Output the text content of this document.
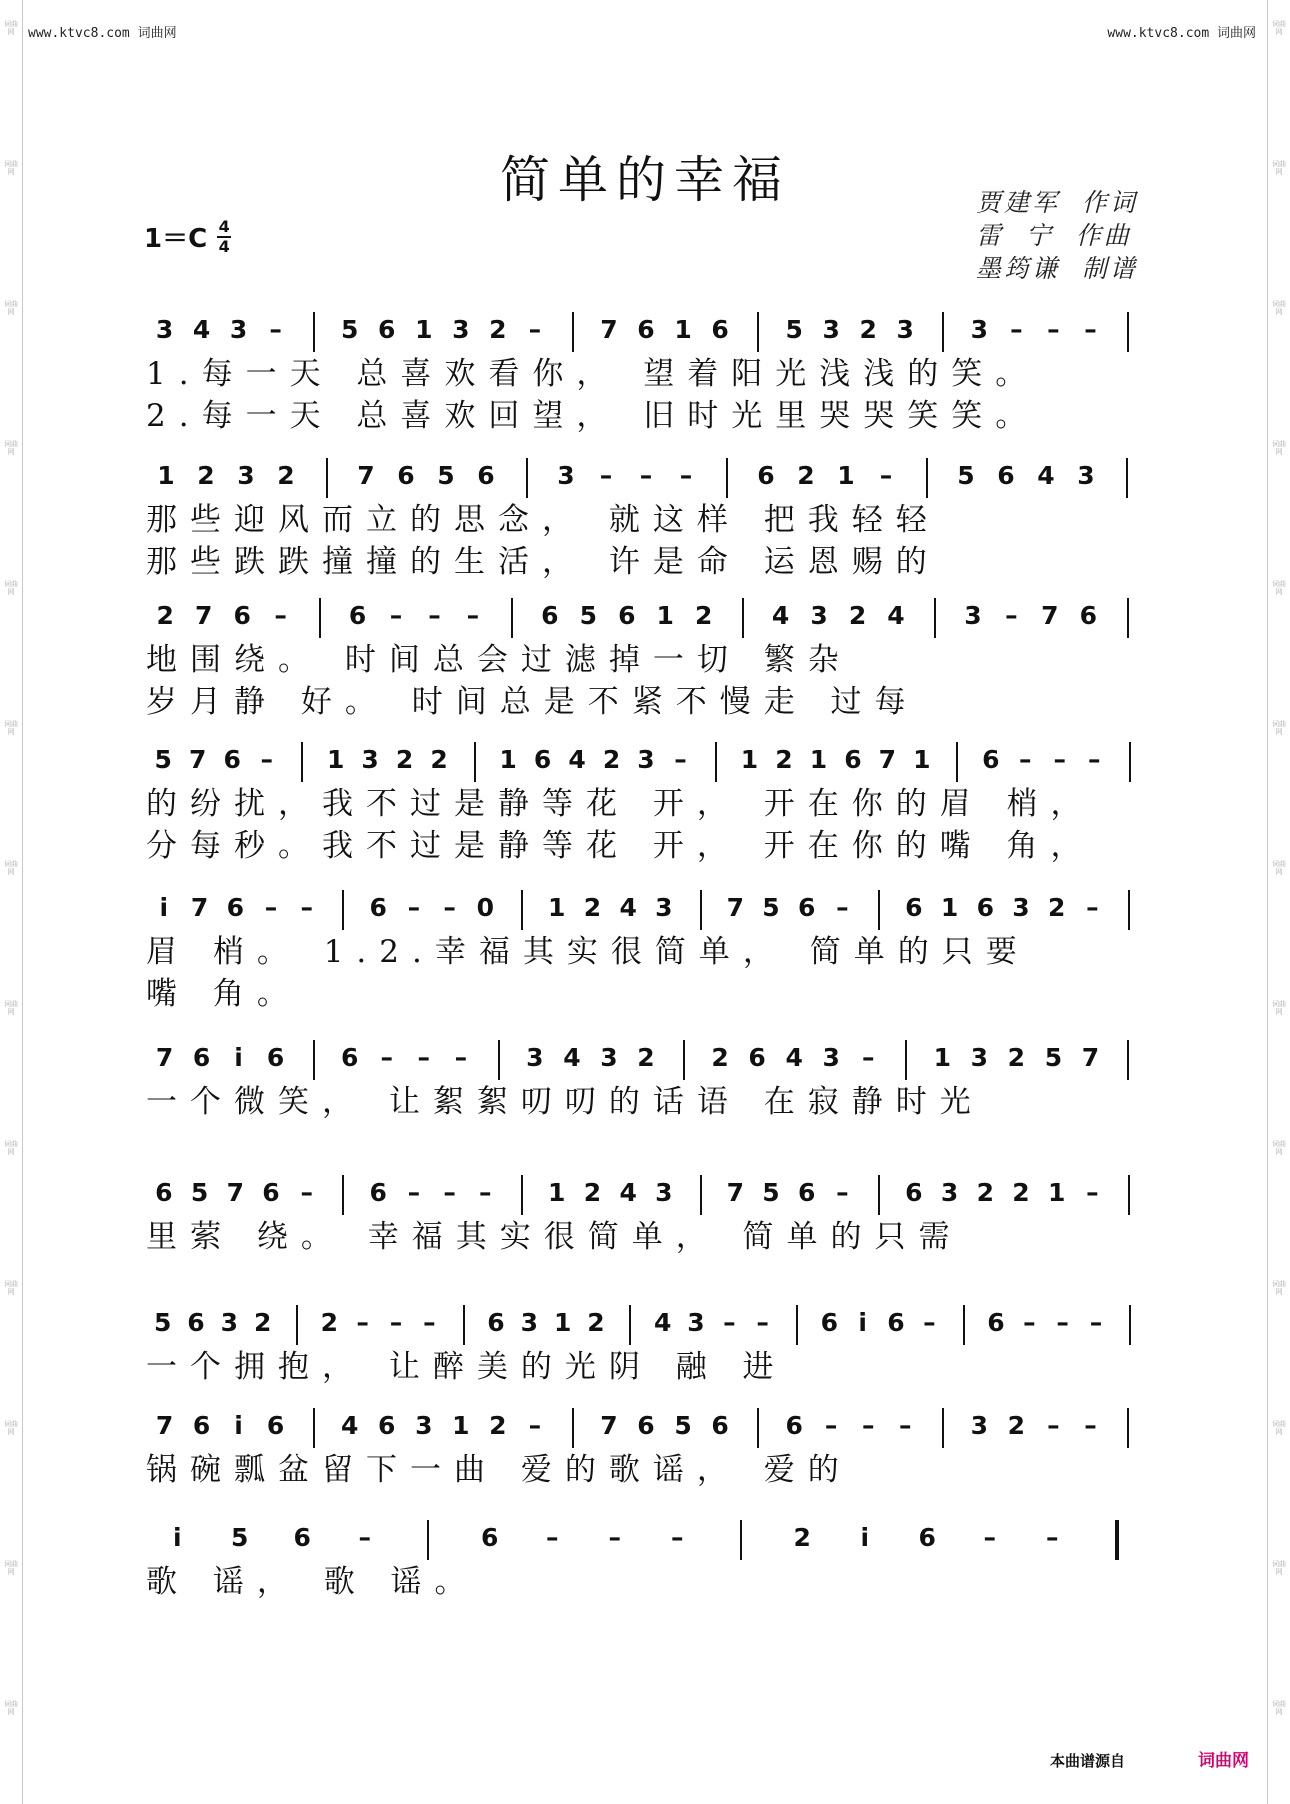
词曲网
词曲网
词曲网
词曲网
词曲网
词曲网
词曲网
词曲网
词曲网
词曲网
词曲网
词曲网
词曲网
词曲网
词曲网
词曲网
词曲网
词曲网
词曲网
词曲网
词曲网
词曲网
词曲网
词曲网
词曲网
词曲网
www.ktvc8.com 词曲网	www.ktvc8.com 词曲网
简单的幸福
$1=C \frac{4}{4}$
贾建军  作词
雷  宁  作曲
墨筠谦  制谱
3 4 3 –	5 6 1 3 2 –	7 6 1 6 5 3 2 3 3 – – –
1.每一天 总喜欢看你， 望着阳光浅浅的笑。
2.每一天 总喜欢回望， 旧时光里哭哭笑笑。
1 2 3 2	7 6 5 6	3	–	–	–	6 2 1	–	5 6 4 3
那些迎风而立的思念， 就这样 把我轻轻
那些跌跌撞撞的生活， 许是命 运恩赐的
2 7 6 –	6 –	–	–	6 5 6 1 2 4 3 2 4 3 – 7 6
地围绕。 时间总会过滤掉一切 繁杂
岁月静 好。 时间总是不紧不慢走 过每
5 7 6 –	1 3 2 2 1 6 4 2 3 –	1 2 1 6 7 1 6 – – –
的纷扰，我不过是静等花 开， 开在你的眉 梢，
分每秒。我不过是静等花 开， 开在你的嘴 角，
i 7 6 – –	6 – – 0 1 2 4 3 7 5 6 –	6 1 6 3 2 –
眉 梢。 1.2.幸福其实很简单， 简单的只要
嘴 角。
7 6 i 6 6 – – –	3 4 3 2 2 6 4 3 –	1 3 2 5 7
一个微笑， 让絮絮叨叨的话语 在寂静时光
6 5 7 6 –	6 – – –	1 2 4 3 7 5 6 –	6 3 2 2 1 –
里萦 绕。 幸福其实很简单， 简单的只需
5 6 3 2 2 – – –	6 3 1 2 4 3 – –	6 i 6 –	6 – – –
一个拥抱， 让醉美的光阴 融 进
7 6 i 6 4 6 3 1 2 –	7 6 5 6 6 – – –	3 2 – –
锅碗瓢盆留下一曲 爱的歌谣， 爱的
i	5 6	–	6	–	–	–	2	i	6	–	–
歌 谣， 歌 谣。
本曲谱源自	词曲网
